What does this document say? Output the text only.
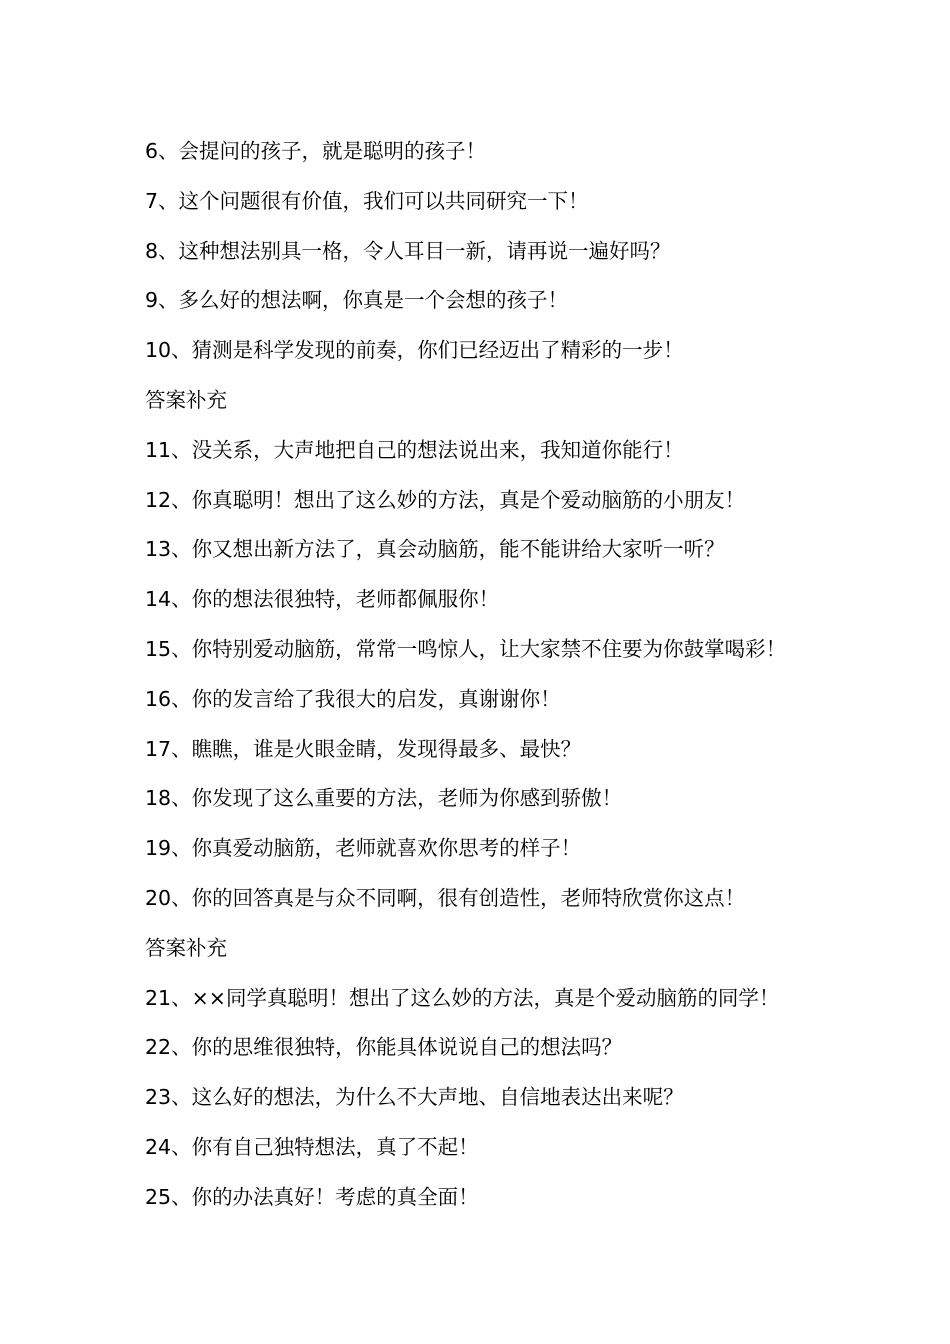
6、会提问的孩子，就是聪明的孩子！
7、这个问题很有价值，我们可以共同研究一下！
8、这种想法别具一格，令人耳目一新，请再说一遍好吗？
9、多么好的想法啊，你真是一个会想的孩子！
10、猜测是科学发现的前奏，你们已经迈出了精彩的一步！
答案补充
11、没关系，大声地把自己的想法说出来，我知道你能行！
12、你真聪明！想出了这么妙的方法，真是个爱动脑筋的小朋友！
13、你又想出新方法了，真会动脑筋，能不能讲给大家听一听？
14、你的想法很独特，老师都佩服你！
15、你特别爱动脑筋，常常一鸣惊人，让大家禁不住要为你鼓掌喝彩！
16、你的发言给了我很大的启发，真谢谢你！
17、瞧瞧，谁是火眼金睛，发现得最多、最快？
18、你发现了这么重要的方法，老师为你感到骄傲！
19、你真爱动脑筋，老师就喜欢你思考的样子！
20、你的回答真是与众不同啊，很有创造性，老师特欣赏你这点！
答案补充
21、××同学真聪明！想出了这么妙的方法，真是个爱动脑筋的同学！
22、你的思维很独特，你能具体说说自己的想法吗？
23、这么好的想法，为什么不大声地、自信地表达出来呢？
24、你有自己独特想法，真了不起！
25、你的办法真好！考虑的真全面！
